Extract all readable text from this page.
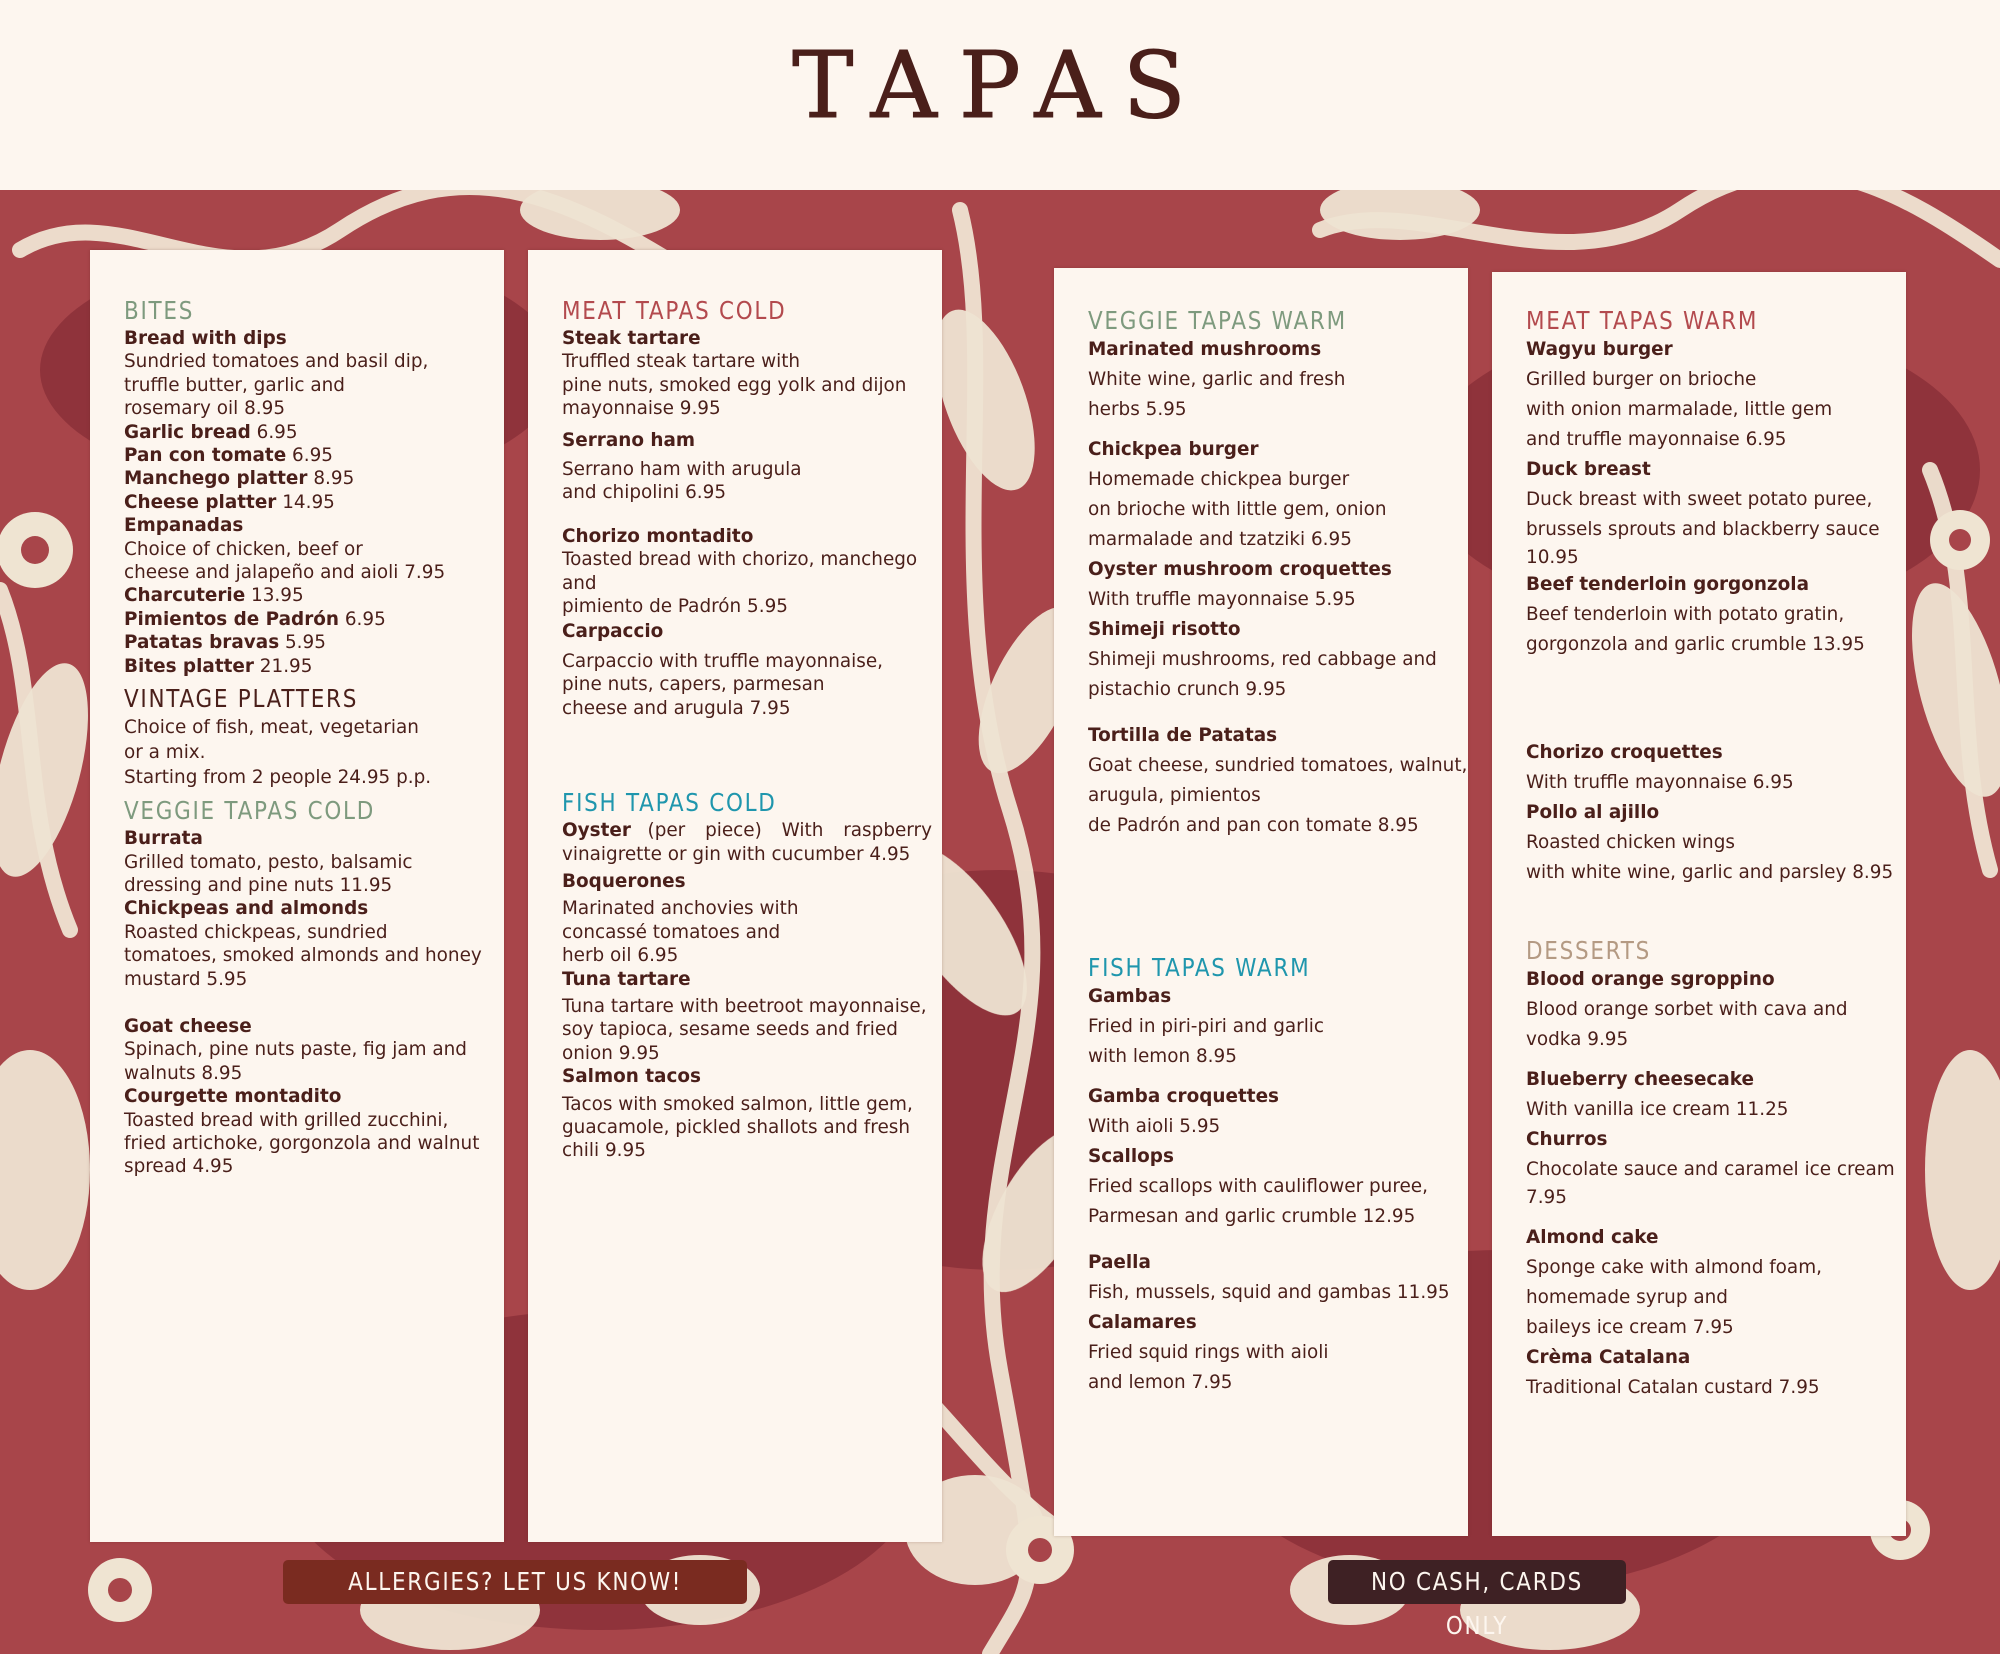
TAPAS
BITES
Bread with dips
Sundried tomatoes and basil dip,
truffle butter, garlic and
rosemary oil 8.95
Garlic bread 6.95
Pan con tomate 6.95
Manchego platter 8.95
Cheese platter 14.95
Empanadas
Choice of chicken, beef or
cheese and jalapeño and aioli 7.95
Charcuterie 13.95
Pimientos de Padrón 6.95
Patatas bravas 5.95
Bites platter 21.95
VINTAGE PLATTERS
Choice of fish, meat, vegetarian
or a mix.
Starting from 2 people 24.95 p.p.
VEGGIE TAPAS COLD
Burrata
Grilled tomato, pesto, balsamic
dressing and pine nuts 11.95
Chickpeas and almonds
Roasted chickpeas, sundried
tomatoes, smoked almonds and honey
mustard 5.95
Goat cheese
Spinach, pine nuts paste, fig jam and
walnuts 8.95
Courgette montadito
Toasted bread with grilled zucchini,
fried artichoke, gorgonzola and walnut
spread 4.95
MEAT TAPAS COLD
Steak tartare
Truffled steak tartare with
pine nuts, smoked egg yolk and dijon
mayonnaise 9.95
Serrano ham
Serrano ham with arugula
and chipolini 6.95
Chorizo montadito
Toasted bread with chorizo, manchego
and
pimiento de Padrón 5.95
Carpaccio
Carpaccio with truffle mayonnaise,
pine nuts, capers, parmesan
cheese and arugula 7.95
FISH TAPAS COLD
Oyster (per piece) With raspberry
vinaigrette or gin with cucumber 4.95
Boquerones
Marinated anchovies with
concassé tomatoes and
herb oil 6.95
Tuna tartare
Tuna tartare with beetroot mayonnaise,
soy tapioca, sesame seeds and fried
onion 9.95
Salmon tacos
Tacos with smoked salmon, little gem,
guacamole, pickled shallots and fresh
chili 9.95
VEGGIE TAPAS WARM
Marinated mushrooms
White wine, garlic and fresh
herbs 5.95
Chickpea burger
Homemade chickpea burger
on brioche with little gem, onion
marmalade and tzatziki 6.95
Oyster mushroom croquettes
With truffle mayonnaise 5.95
Shimeji risotto
Shimeji mushrooms, red cabbage and
pistachio crunch 9.95
Tortilla de Patatas
Goat cheese, sundried tomatoes, walnut,
arugula, pimientos
de Padrón and pan con tomate 8.95
FISH TAPAS WARM
Gambas
Fried in piri-piri and garlic
with lemon 8.95
Gamba croquettes
With aioli 5.95
Scallops
Fried scallops with cauliflower puree,
Parmesan and garlic crumble 12.95
Paella
Fish, mussels, squid and gambas 11.95
Calamares
Fried squid rings with aioli
and lemon 7.95
MEAT TAPAS WARM
Wagyu burger
Grilled burger on brioche
with onion marmalade, little gem
and truffle mayonnaise 6.95
Duck breast
Duck breast with sweet potato puree,
brussels sprouts and blackberry sauce
10.95
Beef tenderloin gorgonzola
Beef tenderloin with potato gratin,
gorgonzola and garlic crumble 13.95
Chorizo croquettes
With truffle mayonnaise 6.95
Pollo al ajillo
Roasted chicken wings
with white wine, garlic and parsley 8.95
DESSERTS
Blood orange sgroppino
Blood orange sorbet with cava and
vodka 9.95
Blueberry cheesecake
With vanilla ice cream 11.25
Churros
Chocolate sauce and caramel ice cream
7.95
Almond cake
Sponge cake with almond foam,
homemade syrup and
baileys ice cream 7.95
Crèma Catalana
Traditional Catalan custard 7.95
ALLERGIES? LET US KNOW!	NO CASH, CARDS ONLY
